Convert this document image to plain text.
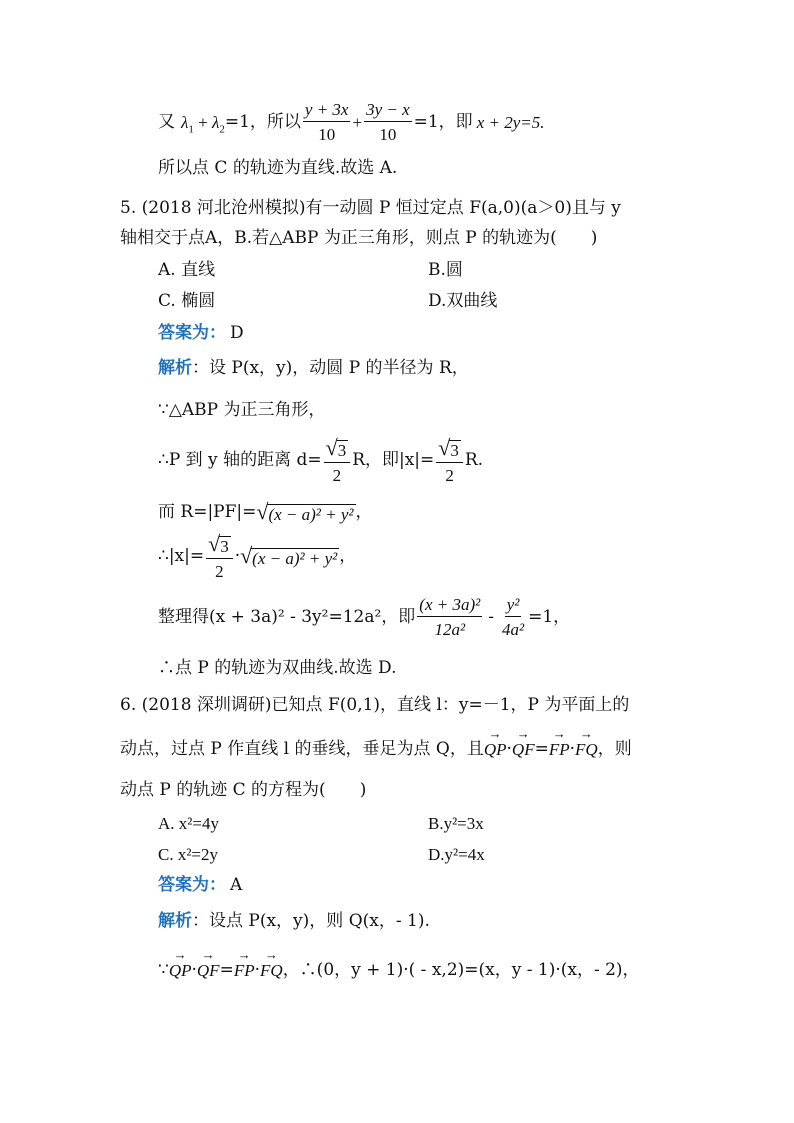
又 $\lambda_1 + \lambda_2 =1$，所以 $\frac{y + 3x}{10} + \frac{3y - x}{10} =1$，即 x + 2y=5.
所以点 C 的轨迹为直线.故选 A.
5. (2018 河北沧州模拟)有一动圆 P 恒过定点 F(a,0)(a＞0)且与 y
轴相交于点A，B.若△ABP 为正三角形，则点 P 的轨迹为(　　)
A. 直线	B.圆
C. 椭圆	D.双曲线
答案为： D
解析 ：设 P(x，y)，动圆 P 的半径为 R，
∵△ABP 为正三角形，
∴P 到 y 轴的距离 $d= \frac{√ 3}{2}$ R，即$|x|= \frac{√ 3}{2} R$.
而 R=|PF|= √ (x − a)² + y² ，
∴|x|= $\frac{√ 3}{2}$ · √ (x − a)² + y² ，
整理得(x + 3a)² - 3y²=12a²，即 $\frac{\text{(x + 3a)²}}{\text{12a²}} - \frac{\text{y²}}{\text{4a²}} =1$，
∴点 P 的轨迹为双曲线.故选 D.
6. (2018 深圳调研)已知点 F(0,1)，直线 l：y=－1，P 为平面上的
动点，过点 P 作直线 l 的垂线，垂足为点 Q，且 → QP · → QF = → FP · → FQ ，则
动点 P 的轨迹 C 的方程为(　　)
A. x²=4y	B.y²=3x
C. x²=2y	D.y²=4x
答案为： A
解析 ：设点 P(x，y)，则 Q(x，- 1).
∵ → QP · → QF = → FP · → FQ ，∴(0，y + 1)·( - x,2)=(x，y - 1)·(x，- 2)，
